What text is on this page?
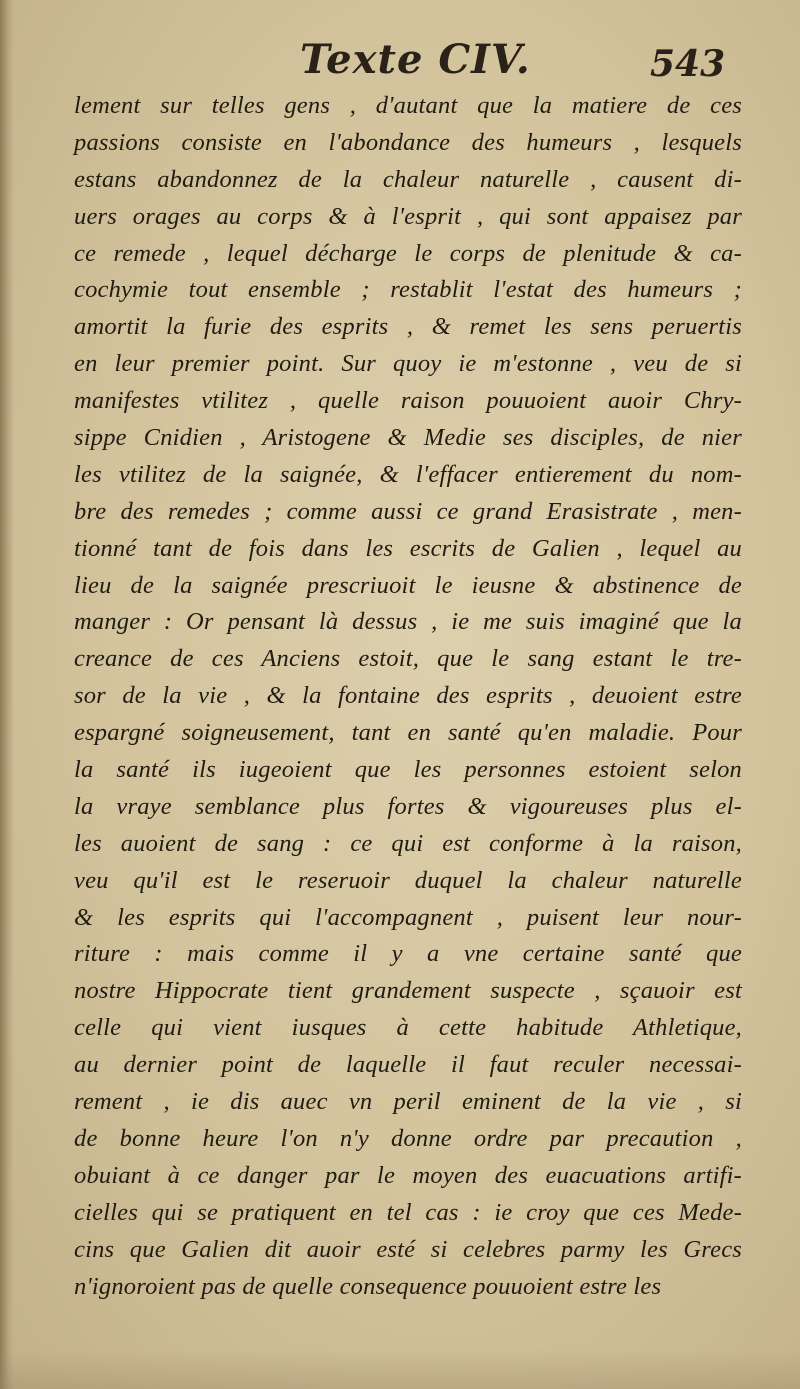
Texte CIV.	543
lement sur telles gens , d'autant que la matiere de ces
passions consiste en l'abondance des humeurs , lesquels
estans abandonnez de la chaleur naturelle , causent di-
uers orages au corps & à l'esprit , qui sont appaisez par
ce remede , lequel décharge le corps de plenitude & ca-
cochymie tout ensemble ; restablit l'estat des humeurs ;
amortit la furie des esprits , & remet les sens peruertis
en leur premier point. Sur quoy ie m'estonne , veu de si
manifestes vtilitez , quelle raison pouuoient auoir Chry-
sippe Cnidien , Aristogene & Medie ses disciples, de nier
les vtilitez de la saignée, & l'effacer entierement du nom-
bre des remedes ; comme aussi ce grand Erasistrate , men-
tionné tant de fois dans les escrits de Galien , lequel au
lieu de la saignée prescriuoit le ieusne & abstinence de
manger : Or pensant là dessus , ie me suis imaginé que la
creance de ces Anciens estoit, que le sang estant le tre-
sor de la vie , & la fontaine des esprits , deuoient estre
espargné soigneusement, tant en santé qu'en maladie. Pour
la santé ils iugeoient que les personnes estoient selon
la vraye semblance plus fortes & vigoureuses plus el-
les auoient de sang : ce qui est conforme à la raison,
veu qu'il est le reseruoir duquel la chaleur naturelle
& les esprits qui l'accompagnent , puisent leur nour-
riture : mais comme il y a vne certaine santé que
nostre Hippocrate tient grandement suspecte , sçauoir est
celle qui vient iusques à cette habitude Athletique,
au dernier point de laquelle il faut reculer necessai-
rement , ie dis auec vn peril eminent de la vie , si
de bonne heure l'on n'y donne ordre par precaution ,
obuiant à ce danger par le moyen des euacuations artifi-
cielles qui se pratiquent en tel cas : ie croy que ces Mede-
cins que Galien dit auoir esté si celebres parmy les Grecs
n'ignoroient pas de quelle consequence pouuoient estre les
